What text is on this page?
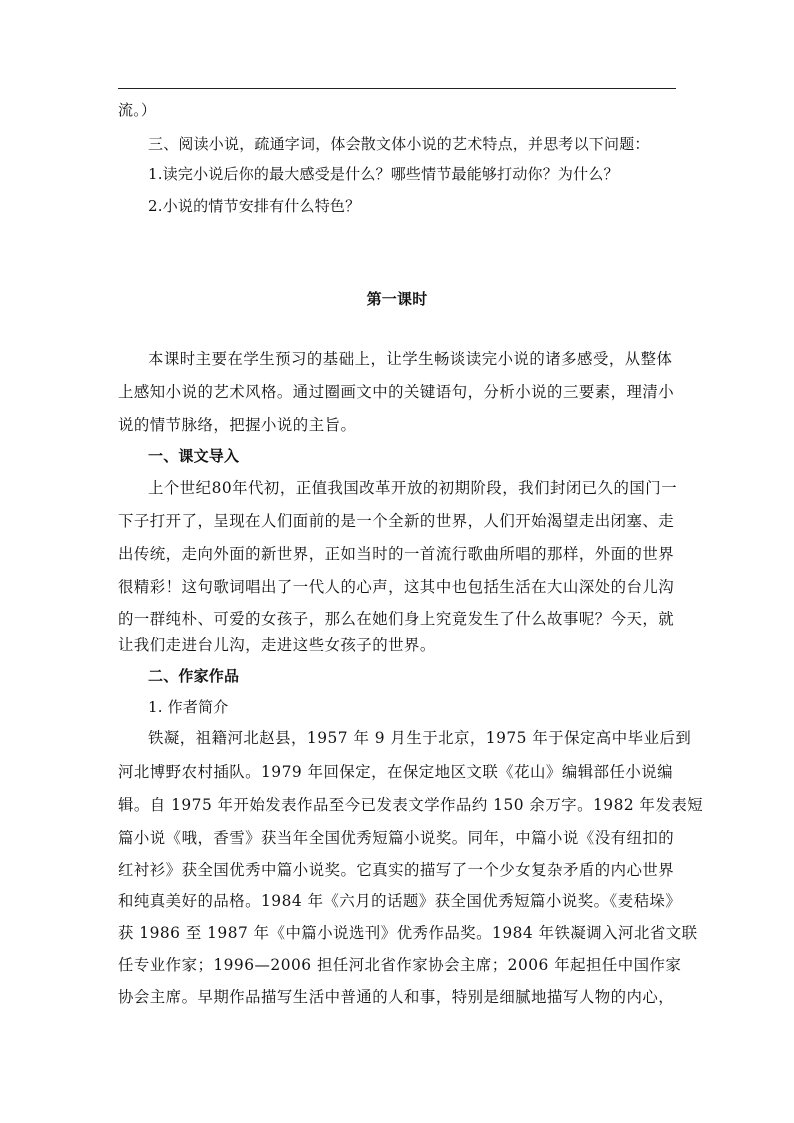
流。）
三、阅读小说，疏通字词，体会散文体小说的艺术特点，并思考以下问题：
1.读完小说后你的最大感受是什么？哪些情节最能够打动你？为什么？
2.小说的情节安排有什么特色？
第一课时
本课时主要在学生预习的基础上，让学生畅谈读完小说的诸多感受，从整体
上感知小说的艺术风格。通过圈画文中的关键语句，分析小说的三要素，理清小
说的情节脉络，把握小说的主旨。
一、课文导入
上个世纪80年代初，正值我国改革开放的初期阶段，我们封闭已久的国门一
下子打开了，呈现在人们面前的是一个全新的世界，人们开始渴望走出闭塞、走
出传统，走向外面的新世界，正如当时的一首流行歌曲所唱的那样，外面的世界
很精彩！这句歌词唱出了一代人的心声，这其中也包括生活在大山深处的台儿沟
的一群纯朴、可爱的女孩子，那么在她们身上究竟发生了什么故事呢？今天，就
让我们走进台儿沟，走进这些女孩子的世界。
二、作家作品
1. 作者简介
铁凝，祖籍河北赵县，1957 年 9 月生于北京，1975 年于保定高中毕业后到
河北博野农村插队。1979 年回保定，在保定地区文联《花山》编辑部任小说编
辑。自 1975 年开始发表作品至今已发表文学作品约 150 余万字。1982 年发表短
篇小说《哦，香雪》获当年全国优秀短篇小说奖。同年，中篇小说《没有纽扣的
红衬衫》获全国优秀中篇小说奖。它真实的描写了一个少女复杂矛盾的内心世界
和纯真美好的品格。1984 年《六月的话题》获全国优秀短篇小说奖。《麦秸垛》
获 1986 至 1987 年《中篇小说选刊》优秀作品奖。1984 年铁凝调入河北省文联
任专业作家；1996—2006 担任河北省作家协会主席；2006 年起担任中国作家
协会主席。早期作品描写生活中普通的人和事，特别是细腻地描写人物的内心，
